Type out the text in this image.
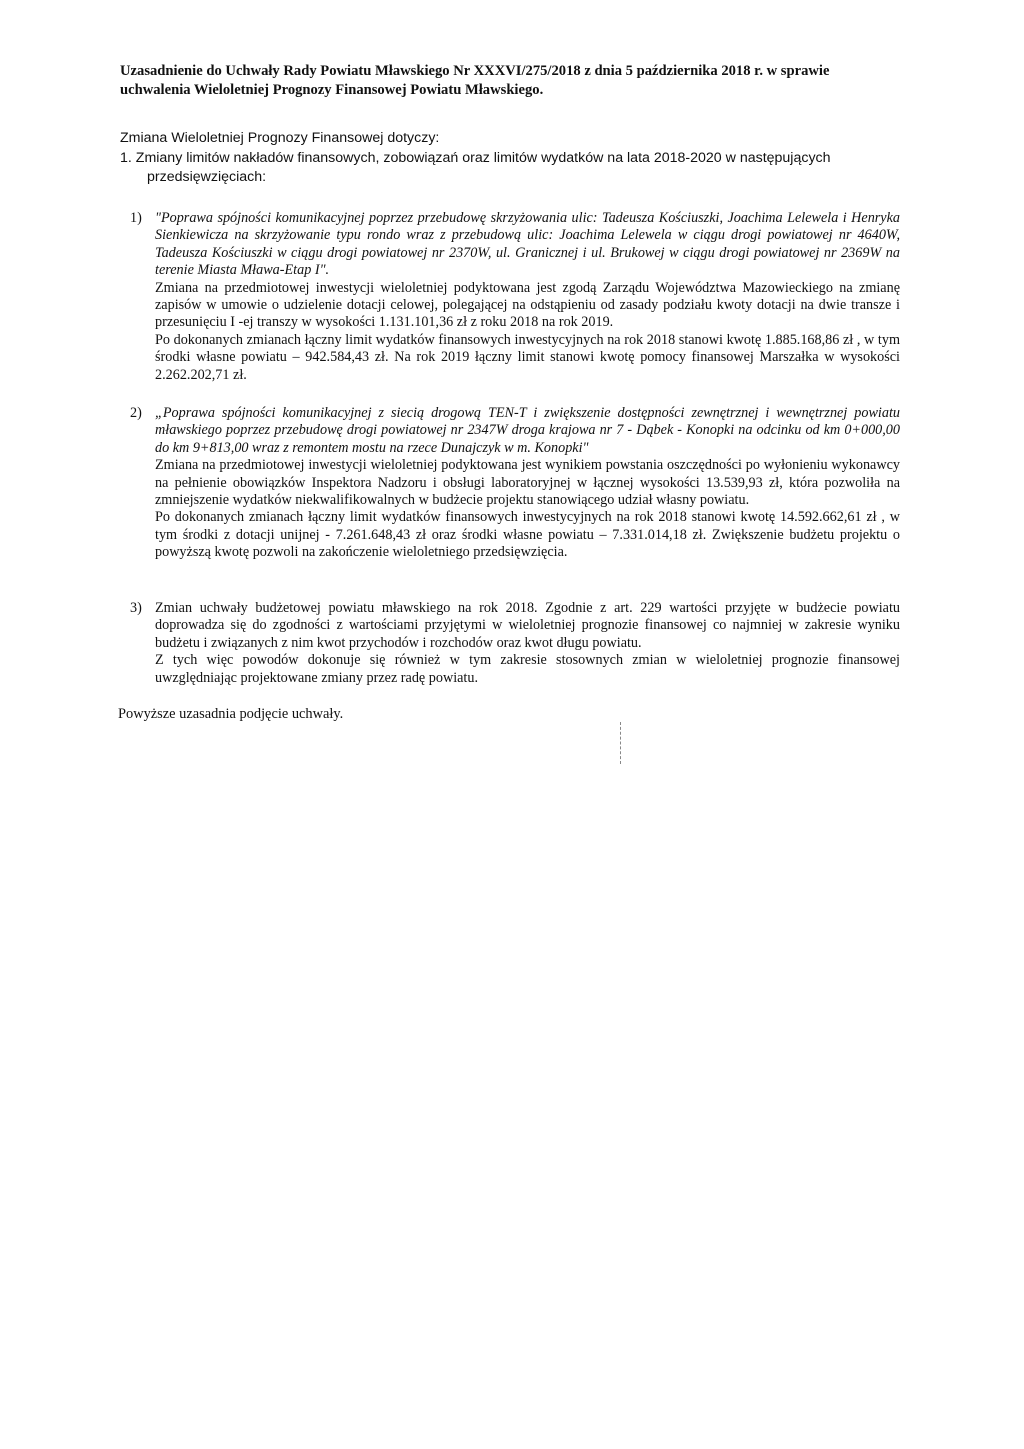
Uzasadnienie do Uchwały Rady Powiatu Mławskiego Nr XXXVI/275/2018 z dnia 5 października 2018 r. w sprawie uchwalenia Wieloletniej Prognozy Finansowej Powiatu Mławskiego.

Zmiana Wieloletniej Prognozy Finansowej dotyczy:

1. Zmiany limitów nakładów finansowych, zobowiązań oraz limitów wydatków na lata 2018-2020 w następujących
przedsięwzięciach:
1) "Poprawa spójności komunikacyjnej poprzez przebudowę skrzyżowania ulic: Tadeusza Kościuszki, Joachima Lelewela i Henryka Sienkiewicza na skrzyżowanie typu rondo wraz z przebudową ulic: Joachima Lelewela w ciągu drogi powiatowej nr 4640W, Tadeusza Kościuszki w ciągu drogi powiatowej nr 2370W, ul. Granicznej i ul. Brukowej w ciągu drogi powiatowej nr 2369W na terenie Miasta Mława-Etap I".

Zmiana na przedmiotowej inwestycji wieloletniej podyktowana jest zgodą Zarządu Województwa Mazowieckiego na zmianę zapisów w umowie o udzielenie dotacji celowej, polegającej na odstąpieniu od zasady podziału kwoty dotacji na dwie transze i przesunięciu I -ej transzy w wysokości 1.131.101,36 zł z roku 2018 na rok 2019.

Po dokonanych zmianach łączny limit wydatków finansowych inwestycyjnych na rok 2018 stanowi kwotę 1.885.168,86 zł , w tym środki własne powiatu – 942.584,43 zł. Na rok 2019 łączny limit stanowi kwotę pomocy finansowej Marszałka w wysokości 2.262.202,71 zł.

2) „Poprawa spójności komunikacyjnej z siecią drogową TEN-T i zwiększenie dostępności zewnętrznej i wewnętrznej powiatu mławskiego poprzez przebudowę drogi powiatowej nr 2347W droga krajowa nr 7 - Dąbek - Konopki na odcinku od km 0+000,00 do km 9+813,00 wraz z remontem mostu na rzece Dunajczyk w m. Konopki"

Zmiana na przedmiotowej inwestycji wieloletniej podyktowana jest wynikiem powstania oszczędności po wyłonieniu wykonawcy na pełnienie obowiązków Inspektora Nadzoru i obsługi laboratoryjnej w łącznej wysokości 13.539,93 zł, która pozwoliła na zmniejszenie wydatków niekwalifikowalnych w budżecie projektu stanowiącego udział własny powiatu.

Po dokonanych zmianach łączny limit wydatków finansowych inwestycyjnych na rok 2018 stanowi kwotę 14.592.662,61 zł , w tym środki z dotacji unijnej - 7.261.648,43 zł oraz środki własne powiatu – 7.331.014,18 zł. Zwiększenie budżetu projektu o powyższą kwotę pozwoli na zakończenie wieloletniego przedsięwzięcia.

3) Zmian uchwały budżetowej powiatu mławskiego na rok 2018. Zgodnie z art. 229 wartości przyjęte w budżecie powiatu doprowadza się do zgodności z wartościami przyjętymi w wieloletniej prognozie finansowej co najmniej w zakresie wyniku budżetu i związanych z nim kwot przychodów i rozchodów oraz kwot długu powiatu.

Z tych więc powodów dokonuje się również w tym zakresie stosownych zmian w wieloletniej prognozie finansowej uwzględniając projektowane zmiany przez radę powiatu.

Powyższe uzasadnia podjęcie uchwały.
